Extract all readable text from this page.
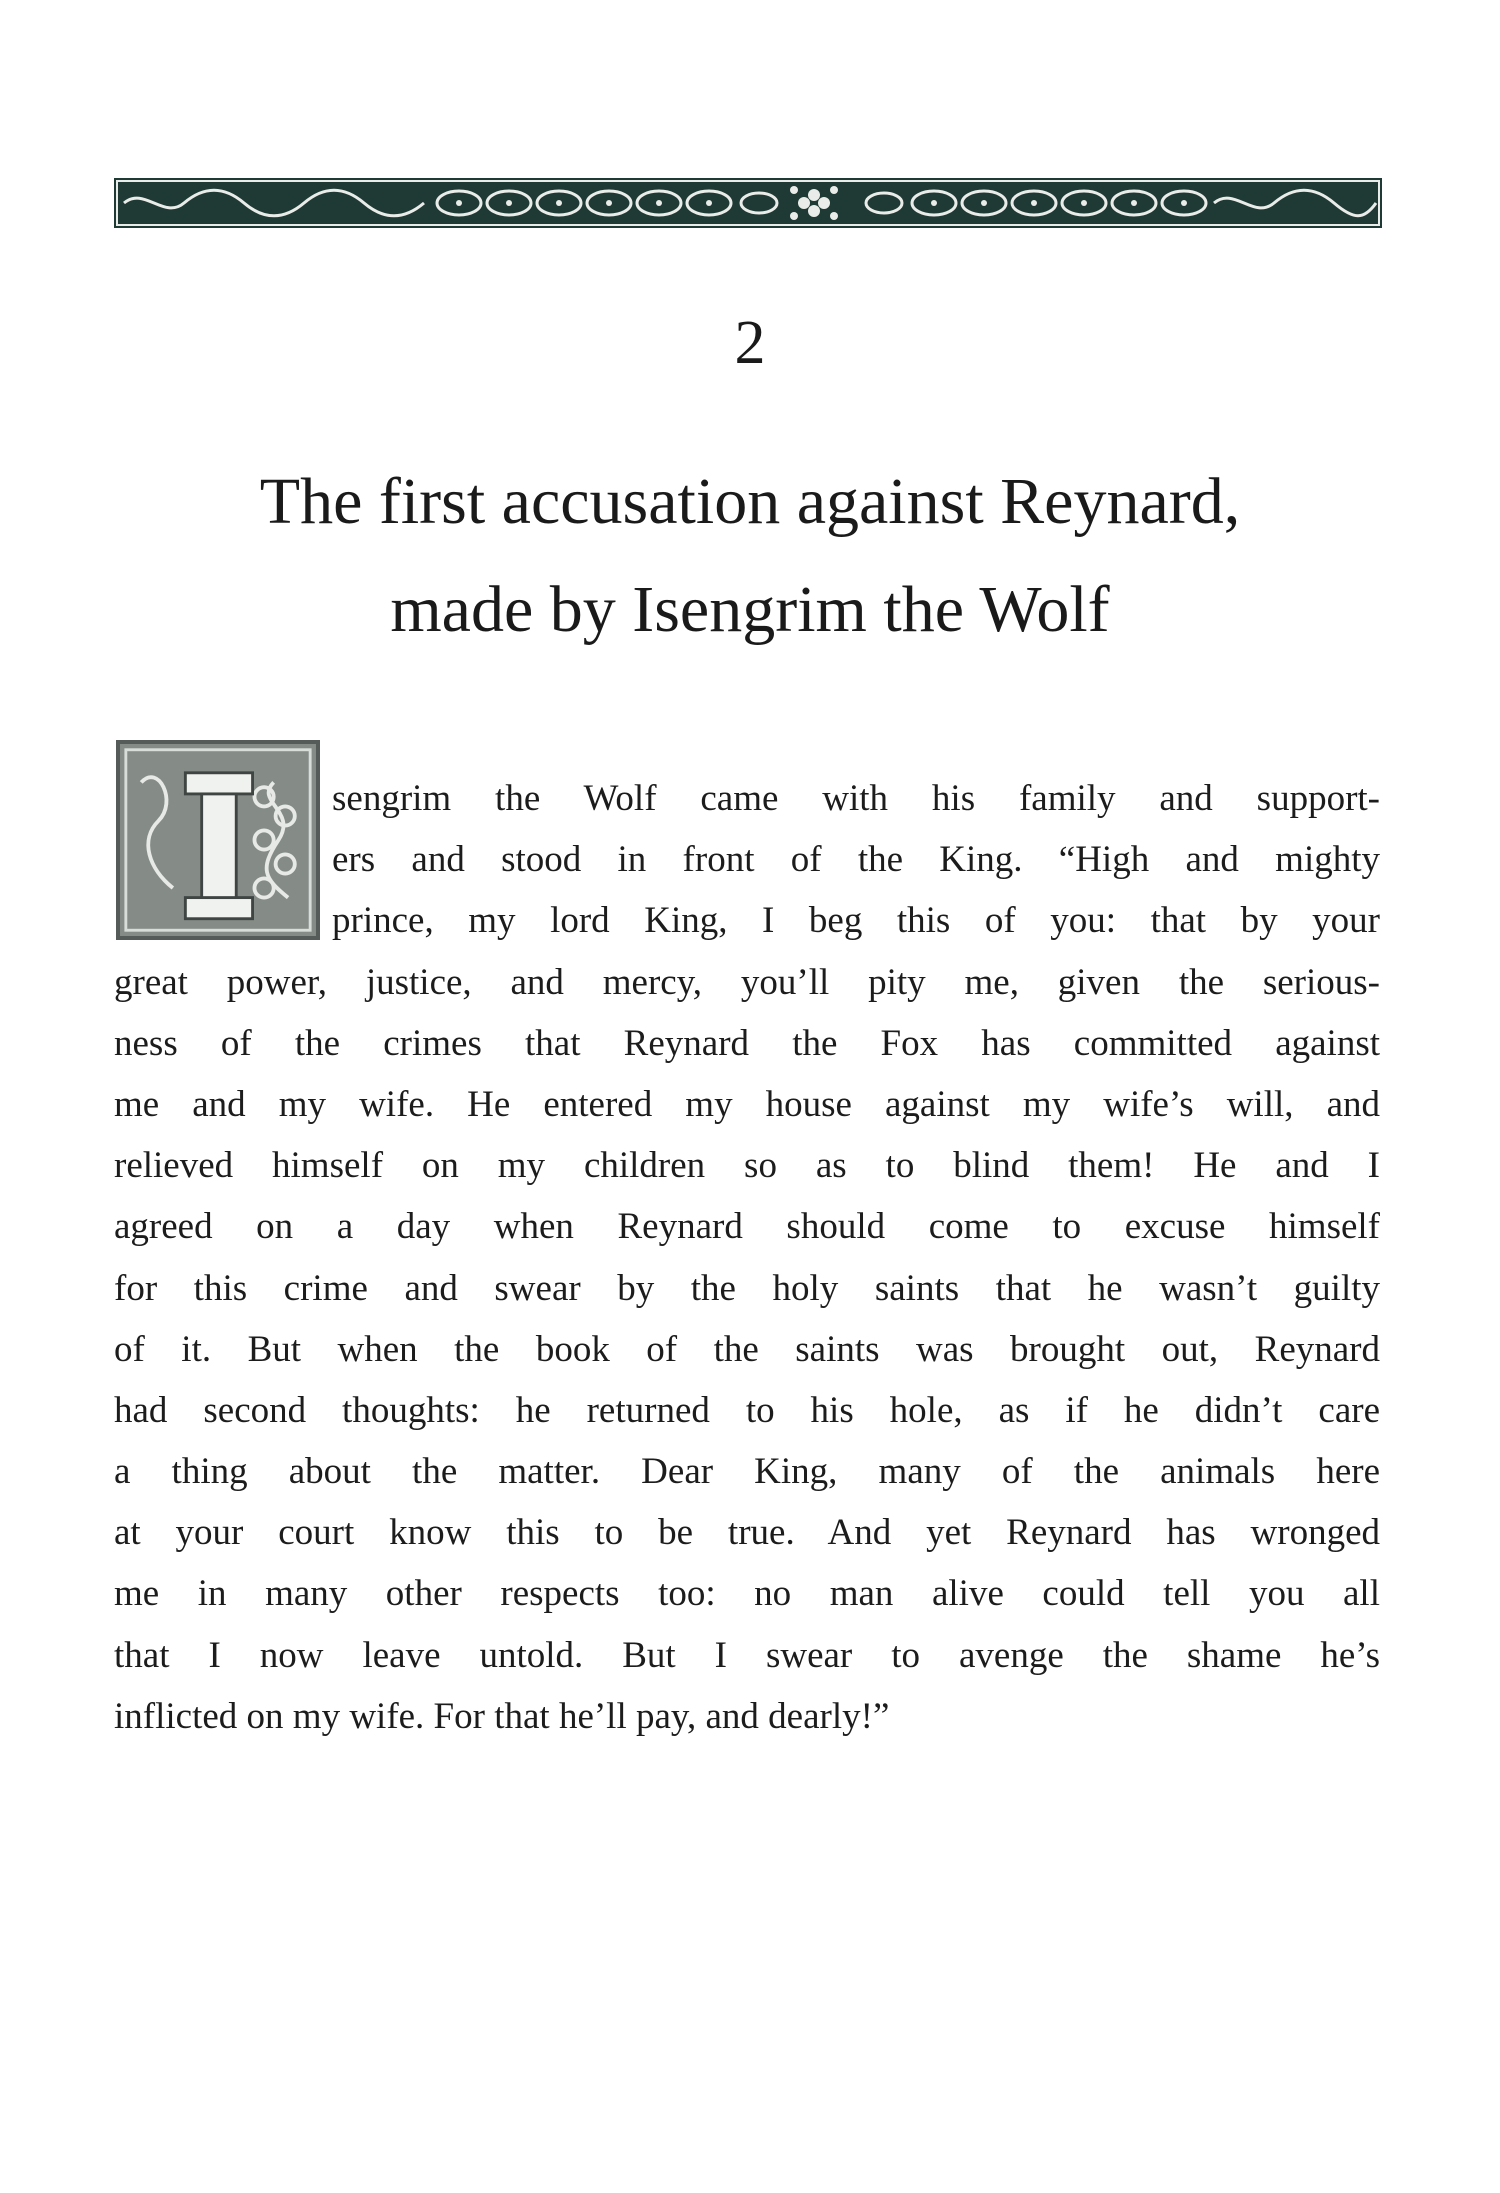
2
The first accusation against Reynard,
made by Isengrim the Wolf
sengrim the Wolf came with his family and support-
ers and stood in front of the King. “High and mighty
prince, my lord King, I beg this of you: that by your
great power, justice, and mercy, you’ll pity me, given the serious-
ness of the crimes that Reynard the Fox has committed against
me and my wife. He entered my house against my wife’s will, and
relieved himself on my children so as to blind them! He and I
agreed on a day when Reynard should come to excuse himself
for this crime and swear by the holy saints that he wasn’t guilty
of it. But when the book of the saints was brought out, Reynard
had second thoughts: he returned to his hole, as if he didn’t care
a thing about the matter. Dear King, many of the animals here
at your court know this to be true. And yet Reynard has wronged
me in many other respects too: no man alive could tell you all
that I now leave untold. But I swear to avenge the shame he’s
inflicted on my wife. For that he’ll pay, and dearly!”
